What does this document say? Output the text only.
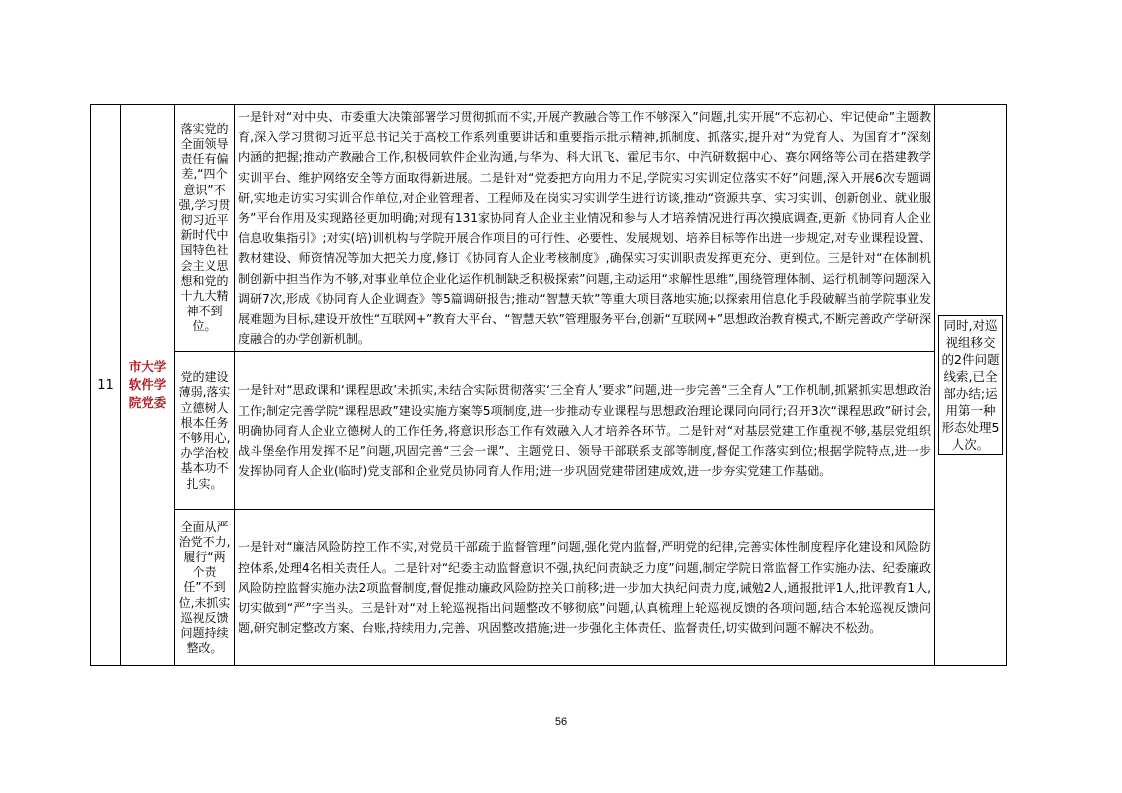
11	市大学软件学院党委	落实党的全面领导责任有偏差,“四个意识”不强,学习贯彻习近平新时代中国特色社会主义思想和党的十九大精神不到位。	一是针对“对中央、市委重大决策部署学习贯彻抓而不实,开展产教融合等工作不够深入”问题,扎实开展“不忘初心、牢记使命”主题教育,深入学习贯彻习近平总书记关于高校工作系列重要讲话和重要指示批示精神,抓制度、抓落实,提升对“为党育人、为国育才”深刻内涵的把握;推动产教融合工作,积极同软件企业沟通,与华为、科大讯飞、霍尼韦尔、中汽研数据中心、赛尔网络等公司在搭建教学实训平台、维护网络安全等方面取得新进展。二是针对“党委把方向用力不足,学院实习实训定位落实不好”问题,深入开展6次专题调研,实地走访实习实训合作单位,对企业管理者、工程师及在岗实习实训学生进行访谈,推动“资源共享、实习实训、创新创业、就业服务”平台作用及实现路径更加明确;对现有131家协同育人企业主业情况和参与人才培养情况进行再次摸底调查,更新《协同育人企业信息收集指引》;对实(培)训机构与学院开展合作项目的可行性、必要性、发展规划、培养目标等作出进一步规定,对专业课程设置、教材建设、师资情况等加大把关力度,修订《协同育人企业考核制度》,确保实习实训职责发挥更充分、更到位。三是针对“在体制机制创新中担当作为不够,对事业单位企业化运作机制缺乏积极探索”问题,主动运用“求解性思维”,围绕管理体制、运行机制等问题深入调研7次,形成《协同育人企业调查》等5篇调研报告;推动“智慧天软”等重大项目落地实施;以探索用信息化手段破解当前学院事业发展难题为目标,建设开放性“互联网+”教育大平台、“智慧天软”管理服务平台,创新“互联网+”思想政治教育模式,不断完善政产学研深度融合的办学创新机制。	同时,对巡视组移交的2件问题线索,已全部办结;运用第一种形态处理5人次。

		党的建设薄弱,落实立德树人根本任务不够用心,办学治校基本功不扎实。	一是针对“思政课和‘课程思政’未抓实,未结合实际贯彻落实‘三全育人’要求”问题,进一步完善“三全育人”工作机制,抓紧抓实思想政治工作;制定完善学院“课程思政”建设实施方案等5项制度,进一步推动专业课程与思想政治理论课同向同行;召开3次“课程思政”研讨会,明确协同育人企业立德树人的工作任务,将意识形态工作有效融入人才培养各环节。二是针对“对基层党建工作重视不够,基层党组织战斗堡垒作用发挥不足”问题,巩固完善“三会一课”、主题党日、领导干部联系支部等制度,督促工作落实到位;根据学院特点,进一步发挥协同育人企业(临时)党支部和企业党员协同育人作用;进一步巩固党建带团建成效,进一步夯实党建工作基础。	
		全面从严治党不力,履行“两个责任”不到位,未抓实巡视反馈问题持续整改。	一是针对“廉洁风险防控工作不实,对党员干部疏于监督管理”问题,强化党内监督,严明党的纪律,完善实体性制度程序化建设和风险防控体系,处理4名相关责任人。二是针对“纪委主动监督意识不强,执纪问责缺乏力度”问题,制定学院日常监督工作实施办法、纪委廉政风险防控监督实施办法2项监督制度,督促推动廉政风险防控关口前移;进一步加大执纪问责力度,诫勉2人,通报批评1人,批评教育1人,切实做到“严”字当头。三是针对“对上轮巡视指出问题整改不够彻底”问题,认真梳理上轮巡视反馈的各项问题,结合本轮巡视反馈问题,研究制定整改方案、台账,持续用力,完善、巩固整改措施;进一步强化主体责任、监督责任,切实做到问题不解决不松劲。	
56
